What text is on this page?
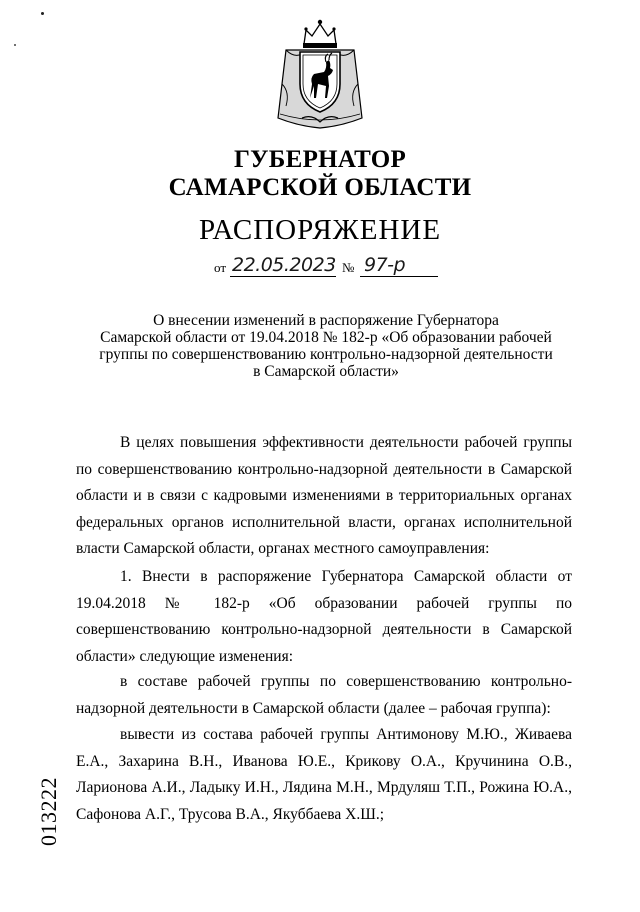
ГУБЕРНАТОР
САМАРСКОЙ ОБЛАСТИ
РАСПОРЯЖЕНИЕ
от 22.05.2023 № 97-р
О внесении изменений в распоряжение Губернатора
Самарской области от 19.04.2018 № 182-р «Об образовании рабочей
группы по совершенствованию контрольно-надзорной деятельности
в Самарской области»

В целях повышения эффективности деятельности рабочей группы по совершенствованию контрольно-надзорной деятельности в Самарской области и в связи с кадровыми изменениями в территориальных органах федеральных органов исполнительной власти, органах исполнительной власти Самарской области, органах местного самоуправления:

1. Внести в распоряжение Губернатора Самарской области от 19.04.2018 № 182-р «Об образовании рабочей группы по совершенствованию контрольно-надзорной деятельности в Самарской области» следующие изменения:

в составе рабочей группы по совершенствованию контрольно-надзорной деятельности в Самарской области (далее – рабочая группа):

вывести из состава рабочей группы Антимонову М.Ю., Живаева Е.А., Захарина В.Н., Иванова Ю.Е., Крикову О.А., Кручинина О.В., Ларионова А.И., Ладыку И.Н., Лядина М.Н., Мрдуляш Т.П., Рожина Ю.А., Сафонова А.Г., Трусова В.А., Якуббаева Х.Ш.;

013222
